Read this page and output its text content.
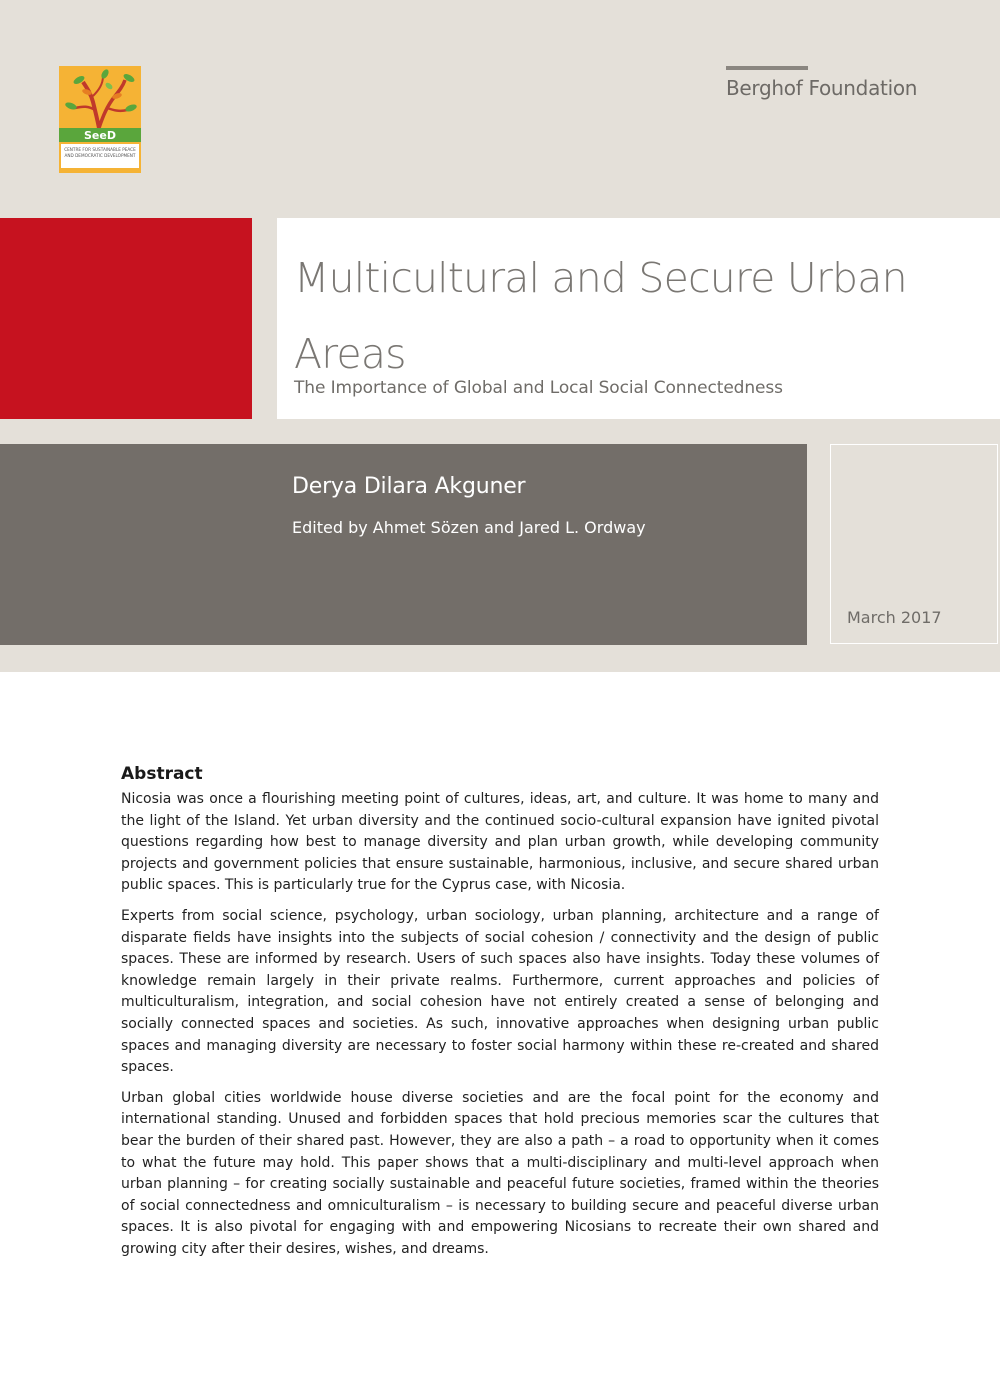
SeeD
CENTRE FOR SUSTAINABLE PEACE
AND DEMOCRATIC DEVELOPMENT
Berghof Foundation
Multicultural and Secure Urban Areas
The Importance of Global and Local Social Connectedness
Derya Dilara Akguner
Edited by Ahmet Sözen and Jared L. Ordway
March 2017
Abstract

Nicosia was once a flourishing meeting point of cultures, ideas, art, and culture. It was home to many and the light of the Island. Yet urban diversity and the continued socio-cultural expansion have ignited pivotal questions regarding how best to manage diversity and plan urban growth, while developing community projects and government policies that ensure sustainable, harmonious, inclusive, and secure shared urban public spaces. This is particularly true for the Cyprus case, with Nicosia.

Experts from social science, psychology, urban sociology, urban planning, architecture and a range of disparate fields have insights into the subjects of social cohesion / connectivity and the design of public spaces. These are informed by research. Users of such spaces also have insights. Today these volumes of knowledge remain largely in their private realms. Furthermore, current approaches and policies of multiculturalism, integration, and social cohesion have not entirely created a sense of belonging and socially connected spaces and societies. As such, innovative approaches when designing urban public spaces and managing diversity are necessary to foster social harmony within these re-created and shared spaces.

Urban global cities worldwide house diverse societies and are the focal point for the economy and international standing. Unused and forbidden spaces that hold precious memories scar the cultures that bear the burden of their shared past. However, they are also a path – a road to opportunity when it comes to what the future may hold. This paper shows that a multi-disciplinary and multi-level approach when urban planning – for creating socially sustainable and peaceful future societies, framed within the theories of social connectedness and omniculturalism – is necessary to building secure and peaceful diverse urban spaces. It is also pivotal for engaging with and empowering Nicosians to recreate their own shared and growing city after their desires, wishes, and dreams.
